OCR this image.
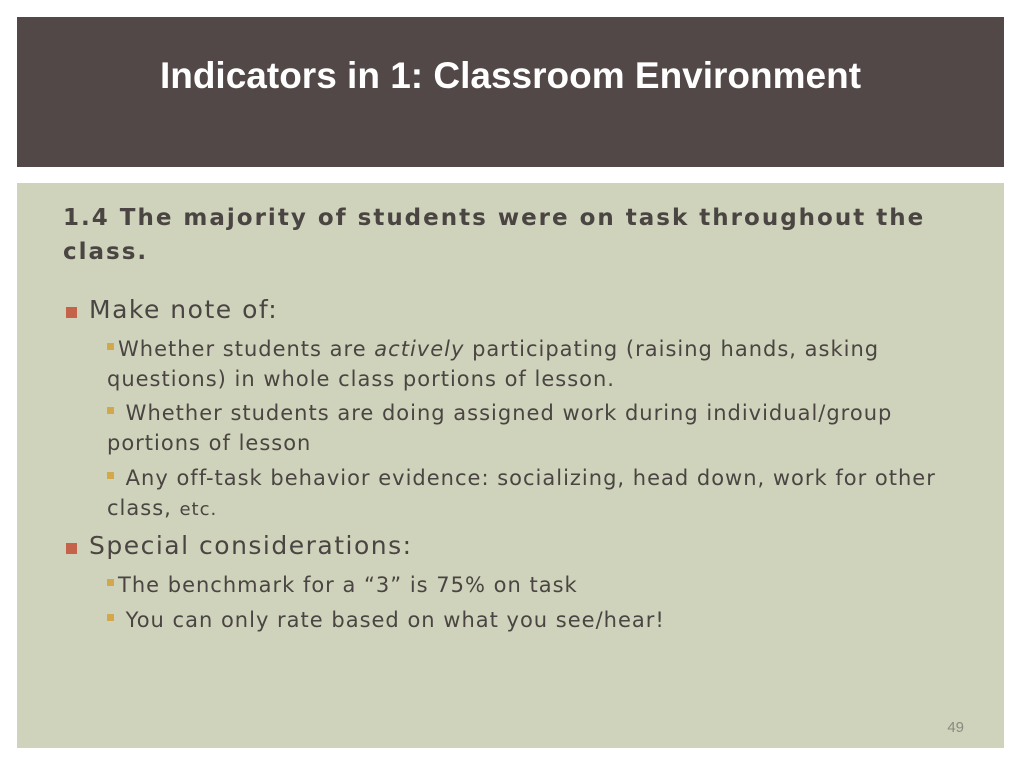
Indicators in 1: Classroom Environment
1.4 The majority of students were on task throughout the class.
Make note of:
Whether students are actively participating (raising hands, asking questions) in whole class portions of lesson.
Whether students are doing assigned work during individual/group portions of lesson
Any off-task behavior evidence: socializing, head down, work for other class, etc.
Special considerations:
The benchmark for a “3” is 75% on task
You can only rate based on what you see/hear!
49
